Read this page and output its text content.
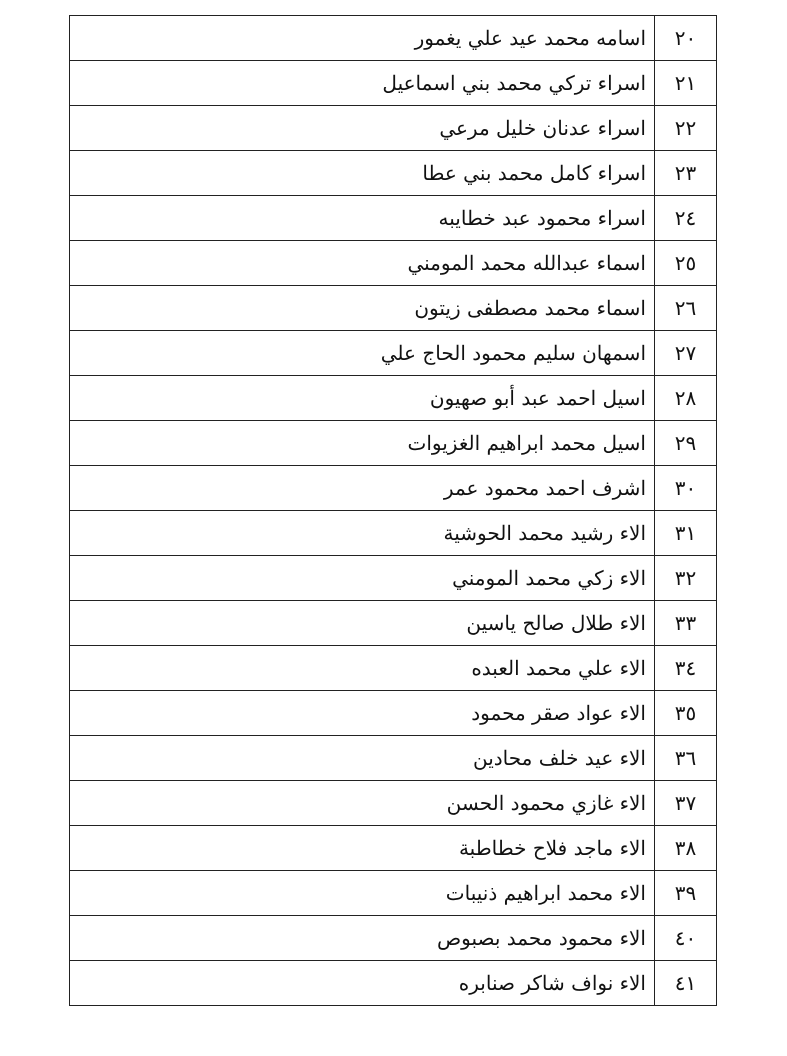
٢٠	اسامه محمد عيد علي يغمور
٢١	اسراء تركي محمد بني اسماعيل
٢٢	اسراء عدنان خليل مرعي
٢٣	اسراء كامل محمد بني عطا
٢٤	اسراء محمود عبد خطايبه
٢٥	اسماء عبدالله محمد المومني
٢٦	اسماء محمد مصطفى زيتون
٢٧	اسمهان سليم محمود الحاج علي
٢٨	اسيل احمد عبد أبو صهيون
٢٩	اسيل محمد ابراهيم الغزيوات
٣٠	اشرف احمد محمود عمر
٣١	الاء رشيد محمد الحوشية
٣٢	الاء زكي محمد المومني
٣٣	الاء طلال صالح ياسين
٣٤	الاء علي محمد العبده
٣٥	الاء عواد صقر محمود
٣٦	الاء عيد خلف محادين
٣٧	الاء غازي محمود الحسن
٣٨	الاء ماجد فلاح خطاطبة
٣٩	الاء محمد ابراهيم ذنيبات
٤٠	الاء محمود محمد بصبوص
٤١	الاء نواف شاكر صنابره
